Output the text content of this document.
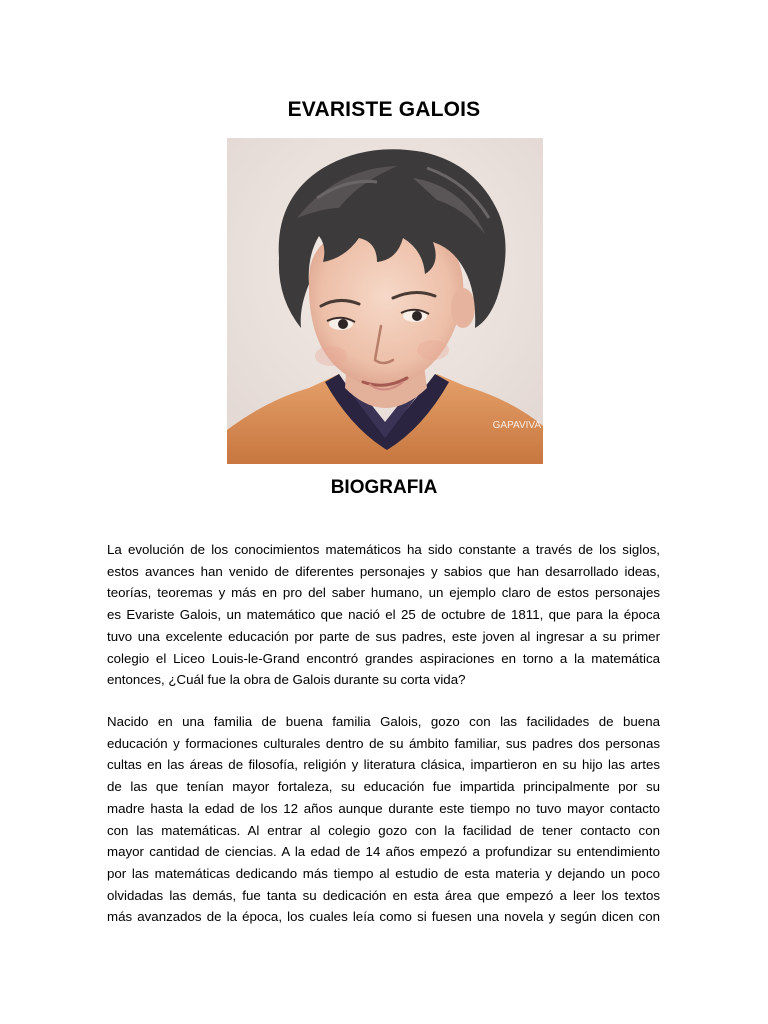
EVARISTE GALOIS
GAPAVIVA
BIOGRAFIA

La evolución de los conocimientos matemáticos ha sido constante a través de los siglos,
estos avances han venido de diferentes personajes y sabios que han desarrollado ideas,
teorías, teoremas y más en pro del saber humano, un ejemplo claro de estos personajes
es Evariste Galois, un matemático que nació el 25 de octubre de 1811, que para la época
tuvo una excelente educación por parte de sus padres, este joven al ingresar a su primer
colegio el Liceo Louis-le-Grand encontró grandes aspiraciones en torno a la matemática
entonces, ¿Cuál fue la obra de Galois durante su corta vida?

Nacido en una familia de buena familia Galois, gozo con las facilidades de buena
educación y formaciones culturales dentro de su ámbito familiar, sus padres dos personas
cultas en las áreas de filosofía, religión y literatura clásica, impartieron en su hijo las artes
de las que tenían mayor fortaleza, su educación fue impartida principalmente por su
madre hasta la edad de los 12 años aunque durante este tiempo no tuvo mayor contacto
con las matemáticas. Al entrar al colegio gozo con la facilidad de tener contacto con
mayor cantidad de ciencias. A la edad de 14 años empezó a profundizar su entendimiento
por las matemáticas dedicando más tiempo al estudio de esta materia y dejando un poco
olvidadas las demás, fue tanta su dedicación en esta área que empezó a leer los textos
más avanzados de la época, los cuales leía como si fuesen una novela y según dicen con
